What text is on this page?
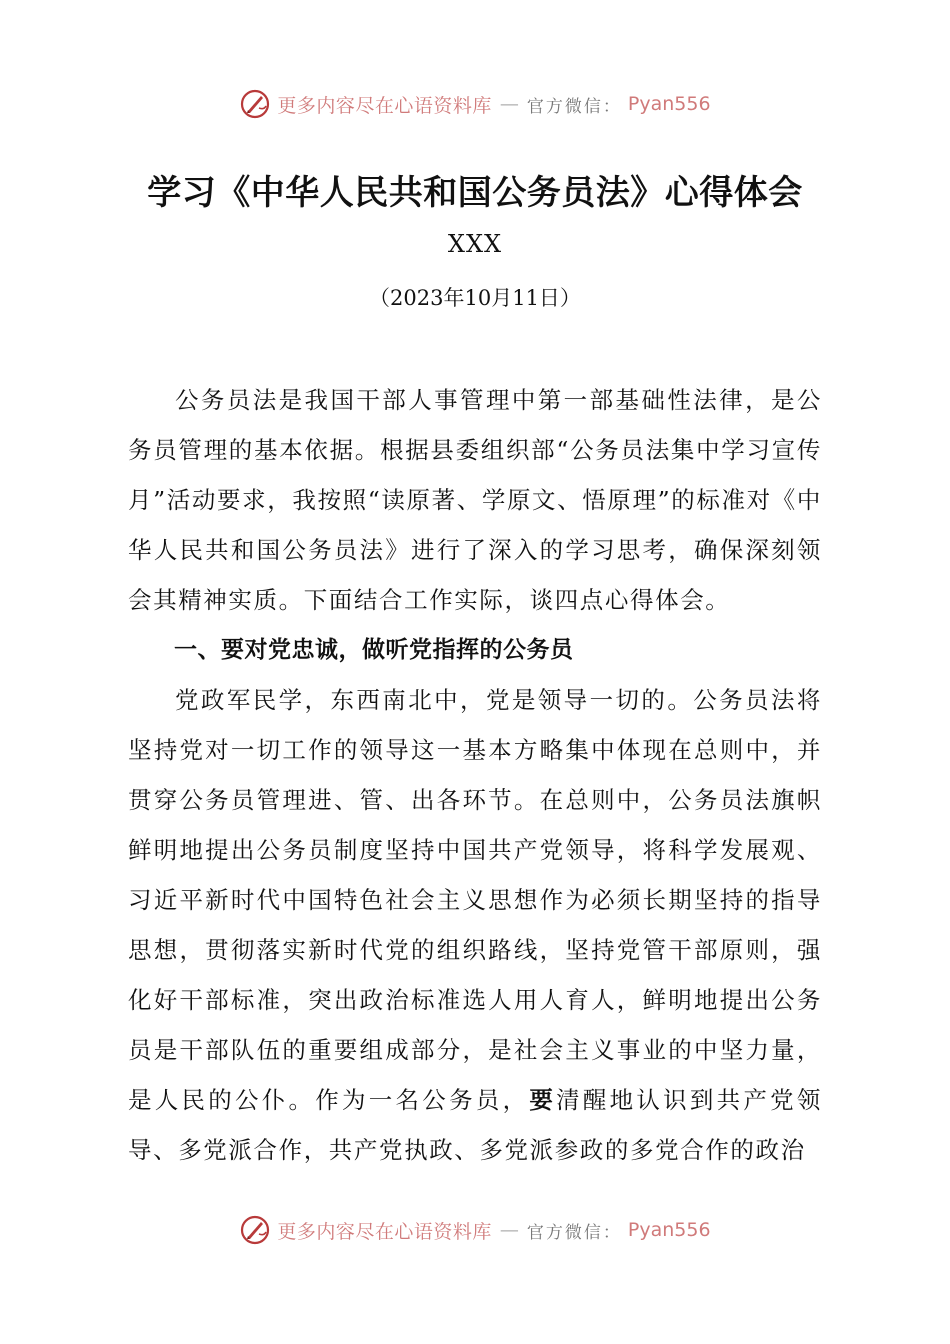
更多内容尽在心语资料库 — 官方微信： Pyan556
学习《中华人民共和国公务员法》心得体会
XXX
（2023年10月11日）

公务员法是我国干部人事管理中第一部基础性法律，是公务员管理的基本依据。根据县委组织部“公务员法集中学习宣传月”活动要求，我按照“读原著、学原文、悟原理”的标准对《中华人民共和国公务员法》进行了深入的学习思考，确保深刻领会其精神实质。下面结合工作实际，谈四点心得体会。

一、要对党忠诚，做听党指挥的公务员

党政军民学，东西南北中，党是领导一切的。公务员法将坚持党对一切工作的领导这一基本方略集中体现在总则中，并贯穿公务员管理进、管、出各环节。在总则中，公务员法旗帜鲜明地提出公务员制度坚持中国共产党领导，将科学发展观、习近平新时代中国特色社会主义思想作为必须长期坚持的指导思想，贯彻落实新时代党的组织路线，坚持党管干部原则，强化好干部标准，突出政治标准选人用人育人，鲜明地提出公务员是干部队伍的重要组成部分，是社会主义事业的中坚力量，是人民的公仆。作为一名公务员，要清醒地认识到共产党领导、多党派合作，共产党执政、多党派参政的多党合作的政治

更多内容尽在心语资料库 — 官方微信： Pyan556
